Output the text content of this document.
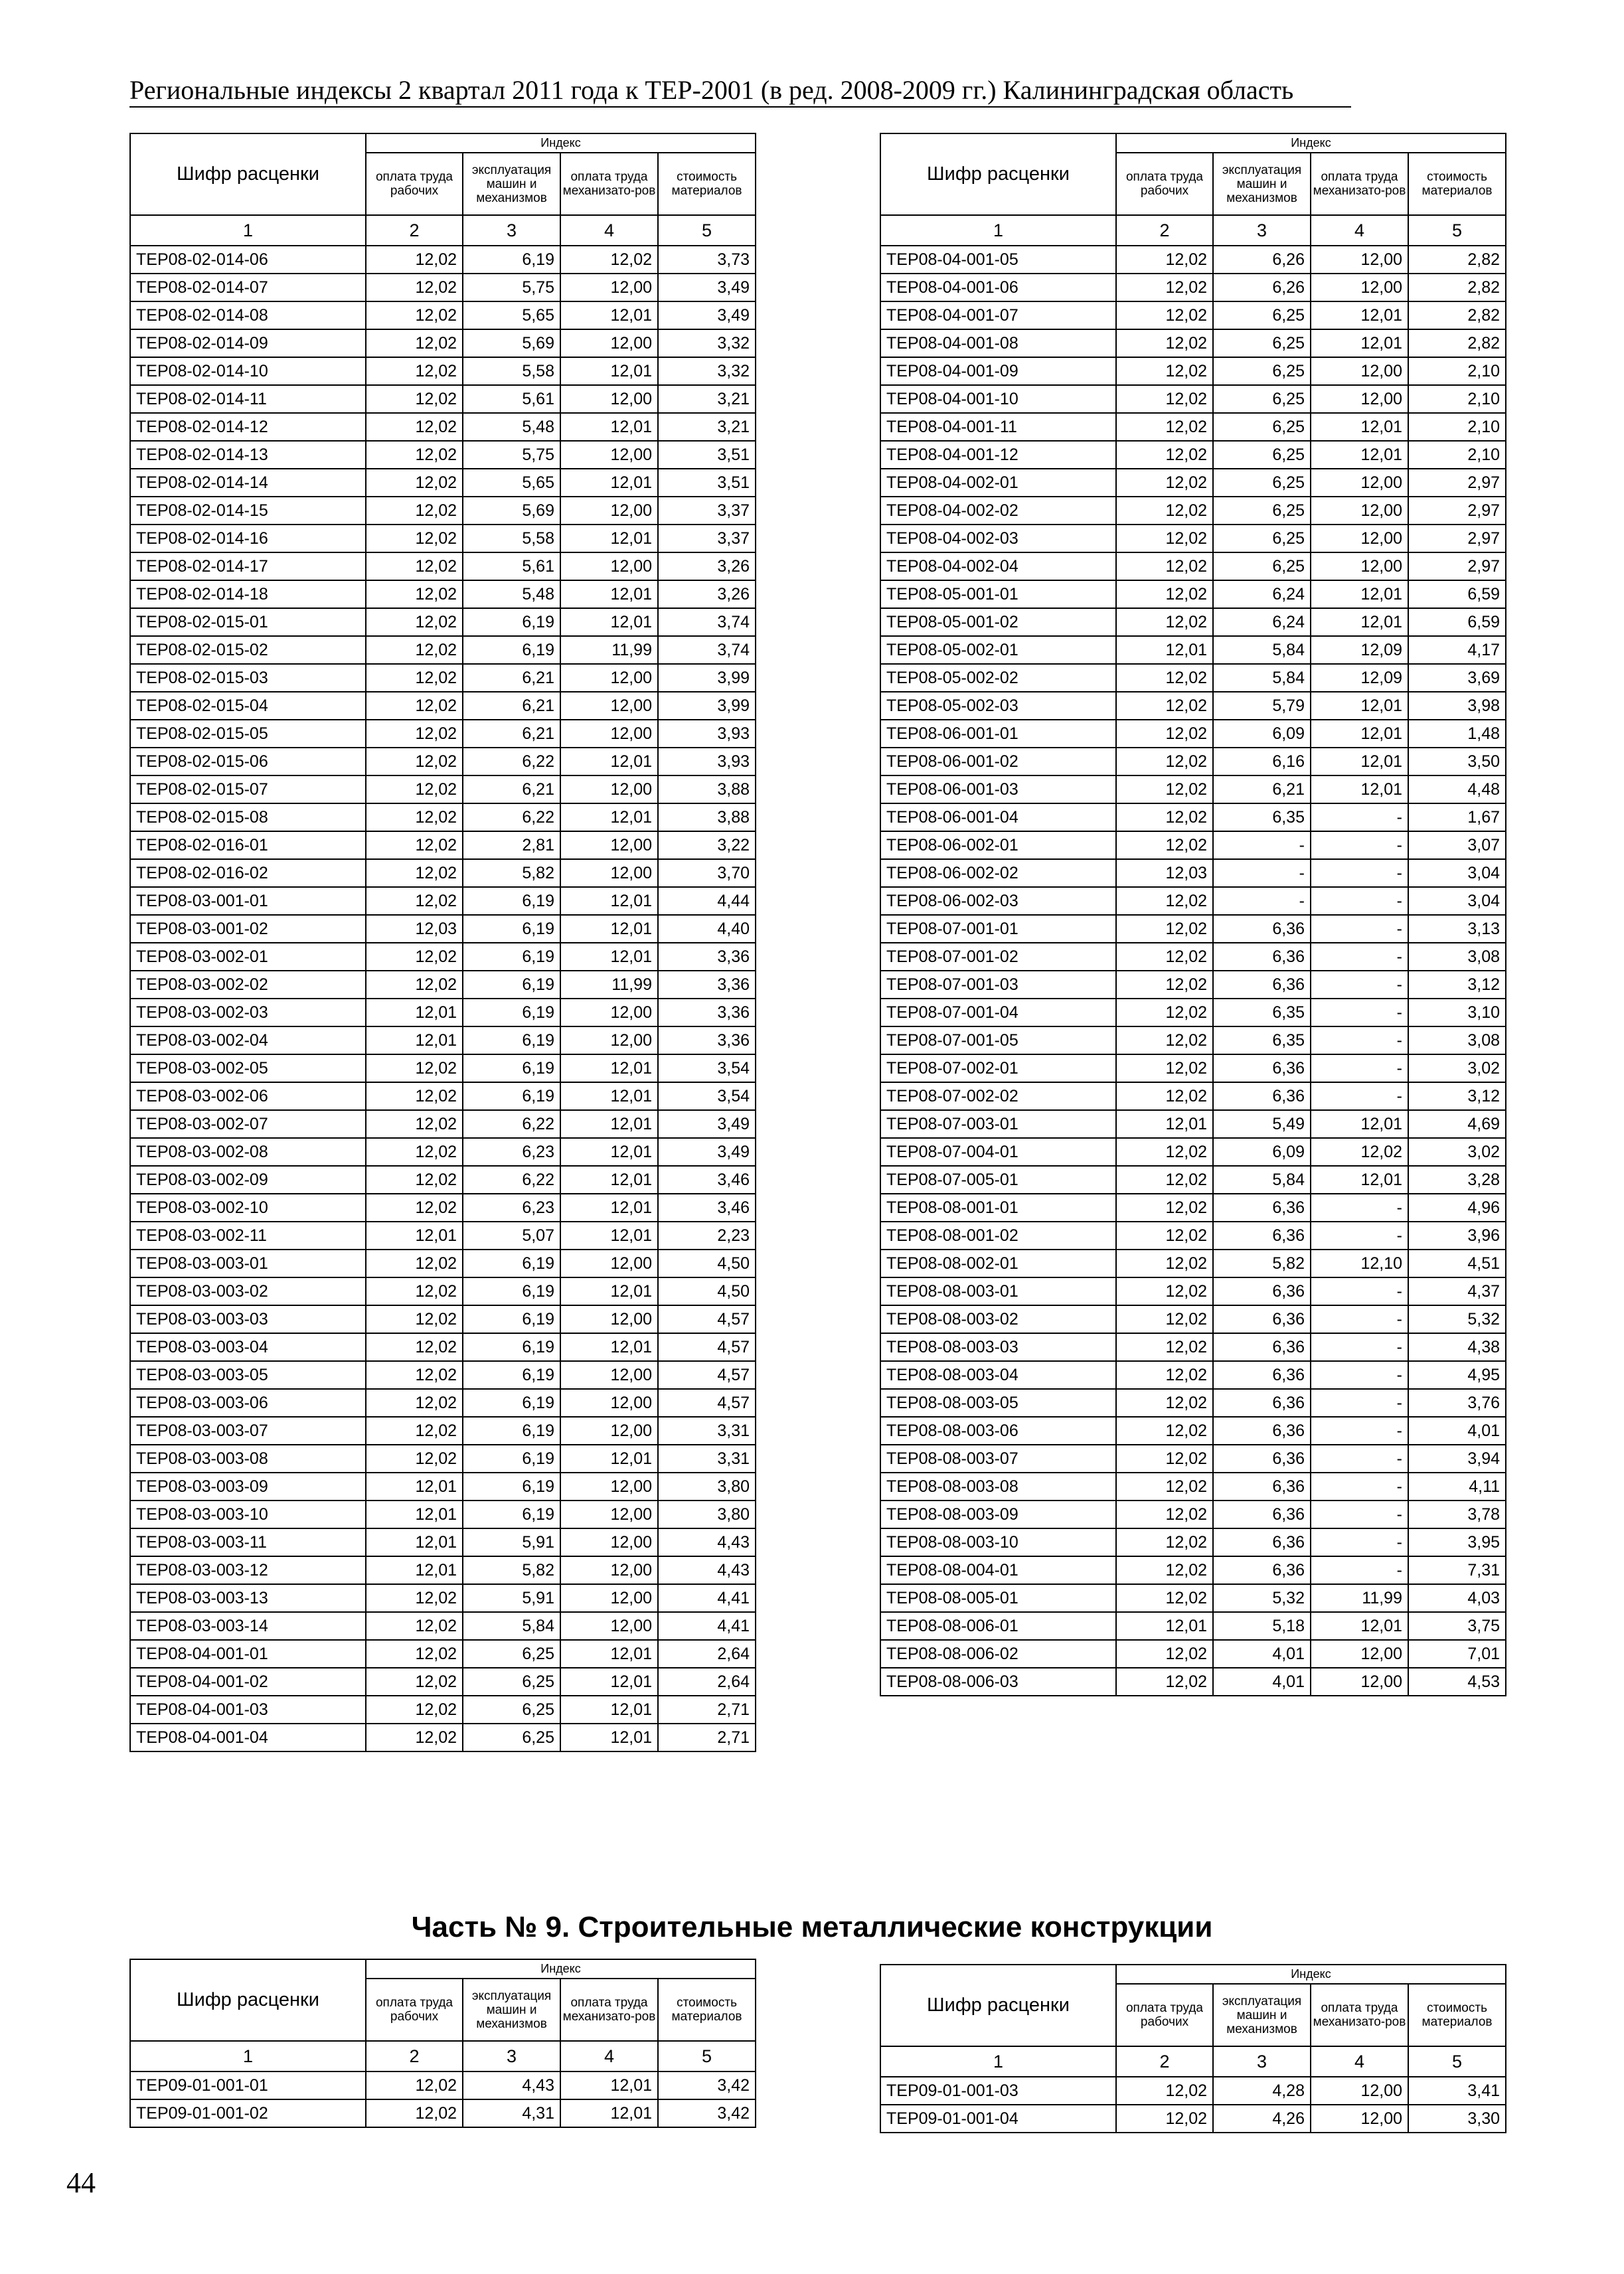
Региональные индексы 2 квартал 2011 года к ТЕР-2001 (в ред. 2008-2009 гг.) Калининградская область
Шифр расценки	Индекс			
	оплата труда рабочих	эксплуатация машин и механизмов	оплата труда механизато-ров	стоимость материалов
1	2	3	4	5
ТЕР08-02-014-06	12,02	6,19	12,02	3,73
ТЕР08-02-014-07	12,02	5,75	12,00	3,49
ТЕР08-02-014-08	12,02	5,65	12,01	3,49
ТЕР08-02-014-09	12,02	5,69	12,00	3,32
ТЕР08-02-014-10	12,02	5,58	12,01	3,32
ТЕР08-02-014-11	12,02	5,61	12,00	3,21
ТЕР08-02-014-12	12,02	5,48	12,01	3,21
ТЕР08-02-014-13	12,02	5,75	12,00	3,51
ТЕР08-02-014-14	12,02	5,65	12,01	3,51
ТЕР08-02-014-15	12,02	5,69	12,00	3,37
ТЕР08-02-014-16	12,02	5,58	12,01	3,37
ТЕР08-02-014-17	12,02	5,61	12,00	3,26
ТЕР08-02-014-18	12,02	5,48	12,01	3,26
ТЕР08-02-015-01	12,02	6,19	12,01	3,74
ТЕР08-02-015-02	12,02	6,19	11,99	3,74
ТЕР08-02-015-03	12,02	6,21	12,00	3,99
ТЕР08-02-015-04	12,02	6,21	12,00	3,99
ТЕР08-02-015-05	12,02	6,21	12,00	3,93
ТЕР08-02-015-06	12,02	6,22	12,01	3,93
ТЕР08-02-015-07	12,02	6,21	12,00	3,88
ТЕР08-02-015-08	12,02	6,22	12,01	3,88
ТЕР08-02-016-01	12,02	2,81	12,00	3,22
ТЕР08-02-016-02	12,02	5,82	12,00	3,70
ТЕР08-03-001-01	12,02	6,19	12,01	4,44
ТЕР08-03-001-02	12,03	6,19	12,01	4,40
ТЕР08-03-002-01	12,02	6,19	12,01	3,36
ТЕР08-03-002-02	12,02	6,19	11,99	3,36
ТЕР08-03-002-03	12,01	6,19	12,00	3,36
ТЕР08-03-002-04	12,01	6,19	12,00	3,36
ТЕР08-03-002-05	12,02	6,19	12,01	3,54
ТЕР08-03-002-06	12,02	6,19	12,01	3,54
ТЕР08-03-002-07	12,02	6,22	12,01	3,49
ТЕР08-03-002-08	12,02	6,23	12,01	3,49
ТЕР08-03-002-09	12,02	6,22	12,01	3,46
ТЕР08-03-002-10	12,02	6,23	12,01	3,46
ТЕР08-03-002-11	12,01	5,07	12,01	2,23
ТЕР08-03-003-01	12,02	6,19	12,00	4,50
ТЕР08-03-003-02	12,02	6,19	12,01	4,50
ТЕР08-03-003-03	12,02	6,19	12,00	4,57
ТЕР08-03-003-04	12,02	6,19	12,01	4,57
ТЕР08-03-003-05	12,02	6,19	12,00	4,57
ТЕР08-03-003-06	12,02	6,19	12,00	4,57
ТЕР08-03-003-07	12,02	6,19	12,00	3,31
ТЕР08-03-003-08	12,02	6,19	12,01	3,31
ТЕР08-03-003-09	12,01	6,19	12,00	3,80
ТЕР08-03-003-10	12,01	6,19	12,00	3,80
ТЕР08-03-003-11	12,01	5,91	12,00	4,43
ТЕР08-03-003-12	12,01	5,82	12,00	4,43
ТЕР08-03-003-13	12,02	5,91	12,00	4,41
ТЕР08-03-003-14	12,02	5,84	12,00	4,41
ТЕР08-04-001-01	12,02	6,25	12,01	2,64
ТЕР08-04-001-02	12,02	6,25	12,01	2,64
ТЕР08-04-001-03	12,02	6,25	12,01	2,71
ТЕР08-04-001-04	12,02	6,25	12,01	2,71
Шифр расценки	Индекс			
	оплата труда рабочих	эксплуатация машин и механизмов	оплата труда механизато-ров	стоимость материалов
1	2	3	4	5
ТЕР08-04-001-05	12,02	6,26	12,00	2,82
ТЕР08-04-001-06	12,02	6,26	12,00	2,82
ТЕР08-04-001-07	12,02	6,25	12,01	2,82
ТЕР08-04-001-08	12,02	6,25	12,01	2,82
ТЕР08-04-001-09	12,02	6,25	12,00	2,10
ТЕР08-04-001-10	12,02	6,25	12,00	2,10
ТЕР08-04-001-11	12,02	6,25	12,01	2,10
ТЕР08-04-001-12	12,02	6,25	12,01	2,10
ТЕР08-04-002-01	12,02	6,25	12,00	2,97
ТЕР08-04-002-02	12,02	6,25	12,00	2,97
ТЕР08-04-002-03	12,02	6,25	12,00	2,97
ТЕР08-04-002-04	12,02	6,25	12,00	2,97
ТЕР08-05-001-01	12,02	6,24	12,01	6,59
ТЕР08-05-001-02	12,02	6,24	12,01	6,59
ТЕР08-05-002-01	12,01	5,84	12,09	4,17
ТЕР08-05-002-02	12,02	5,84	12,09	3,69
ТЕР08-05-002-03	12,02	5,79	12,01	3,98
ТЕР08-06-001-01	12,02	6,09	12,01	1,48
ТЕР08-06-001-02	12,02	6,16	12,01	3,50
ТЕР08-06-001-03	12,02	6,21	12,01	4,48
ТЕР08-06-001-04	12,02	6,35	-	1,67
ТЕР08-06-002-01	12,02	-	-	3,07
ТЕР08-06-002-02	12,03	-	-	3,04
ТЕР08-06-002-03	12,02	-	-	3,04
ТЕР08-07-001-01	12,02	6,36	-	3,13
ТЕР08-07-001-02	12,02	6,36	-	3,08
ТЕР08-07-001-03	12,02	6,36	-	3,12
ТЕР08-07-001-04	12,02	6,35	-	3,10
ТЕР08-07-001-05	12,02	6,35	-	3,08
ТЕР08-07-002-01	12,02	6,36	-	3,02
ТЕР08-07-002-02	12,02	6,36	-	3,12
ТЕР08-07-003-01	12,01	5,49	12,01	4,69
ТЕР08-07-004-01	12,02	6,09	12,02	3,02
ТЕР08-07-005-01	12,02	5,84	12,01	3,28
ТЕР08-08-001-01	12,02	6,36	-	4,96
ТЕР08-08-001-02	12,02	6,36	-	3,96
ТЕР08-08-002-01	12,02	5,82	12,10	4,51
ТЕР08-08-003-01	12,02	6,36	-	4,37
ТЕР08-08-003-02	12,02	6,36	-	5,32
ТЕР08-08-003-03	12,02	6,36	-	4,38
ТЕР08-08-003-04	12,02	6,36	-	4,95
ТЕР08-08-003-05	12,02	6,36	-	3,76
ТЕР08-08-003-06	12,02	6,36	-	4,01
ТЕР08-08-003-07	12,02	6,36	-	3,94
ТЕР08-08-003-08	12,02	6,36	-	4,11
ТЕР08-08-003-09	12,02	6,36	-	3,78
ТЕР08-08-003-10	12,02	6,36	-	3,95
ТЕР08-08-004-01	12,02	6,36	-	7,31
ТЕР08-08-005-01	12,02	5,32	11,99	4,03
ТЕР08-08-006-01	12,01	5,18	12,01	3,75
ТЕР08-08-006-02	12,02	4,01	12,00	7,01
ТЕР08-08-006-03	12,02	4,01	12,00	4,53
Часть № 9. Строительные металлические конструкции
Шифр расценки	Индекс			
	оплата труда рабочих	эксплуатация машин и механизмов	оплата труда механизато-ров	стоимость материалов
1	2	3	4	5
ТЕР09-01-001-01	12,02	4,43	12,01	3,42
ТЕР09-01-001-02	12,02	4,31	12,01	3,42
Шифр расценки	Индекс			
	оплата труда рабочих	эксплуатация машин и механизмов	оплата труда механизато-ров	стоимость материалов
1	2	3	4	5
ТЕР09-01-001-03	12,02	4,28	12,00	3,41
ТЕР09-01-001-04	12,02	4,26	12,00	3,30
44
